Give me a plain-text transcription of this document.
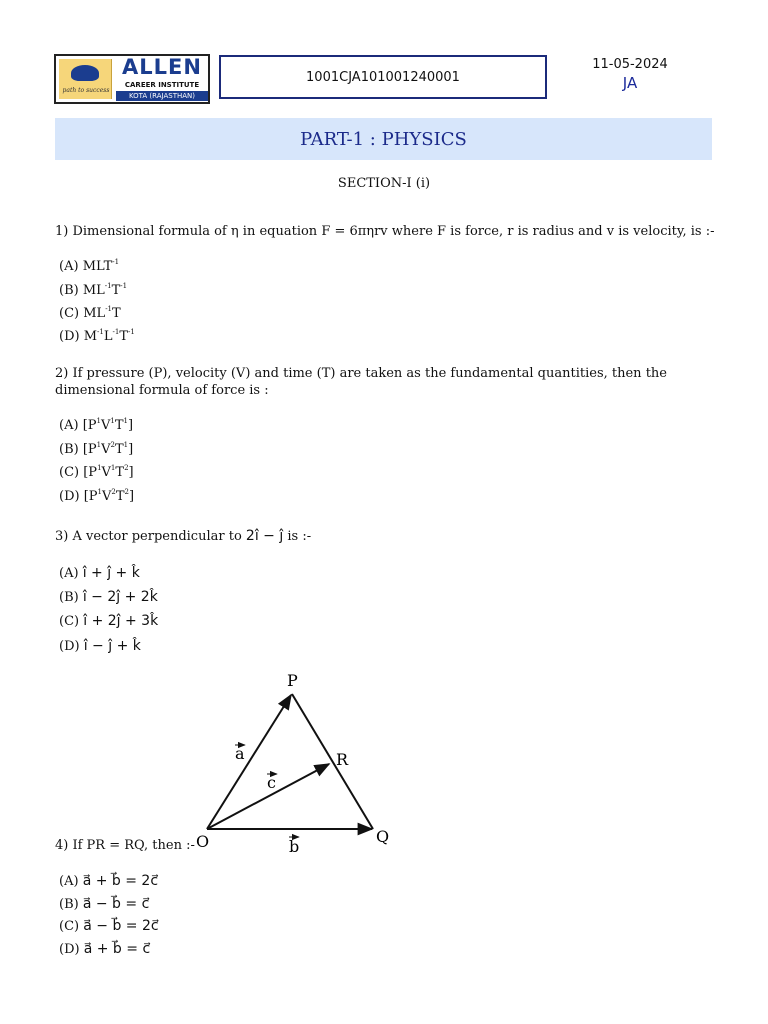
path to success
ALLEN
CAREER INSTITUTE
KOTA (RAJASTHAN)
1001CJA101001240001
11-05-2024
JA
PART-1 : PHYSICS
SECTION-I (i)
1) Dimensional formula of η in equation F = 6πηrv where F is force, r is radius and v is velocity, is :-
(A) $MLT^{-1}$
(B) $ML^{-1}T^{-1}$
(C) $ML^{-1}T$
(D) $M^{-1}L^{-1}T^{-1}$
2) If pressure (P), velocity (V) and time (T) are taken as the fundamental quantities, then the
dimensional formula of force is :
(A) $[P^1V^1T^1]$
(B) $[P^1V^2T^1]$
(C) $[P^1V^1T^2]$
(D) $[P^1V^2T^2]$
3) A vector perpendicular to 2î − ĵ is :-
(A) î + ĵ + k̂
(B) î − 2ĵ + 2k̂
(C) î + 2ĵ + 3k̂
(D) î − ĵ + k̂
P
Q
O
R
a
b
c
4) If PR = RQ, then :-
(A) a⃗ + b⃗ = 2c⃗
(B) a⃗ − b⃗ = c⃗
(C) a⃗ − b⃗ = 2c⃗
(D) a⃗ + b⃗ = c⃗
